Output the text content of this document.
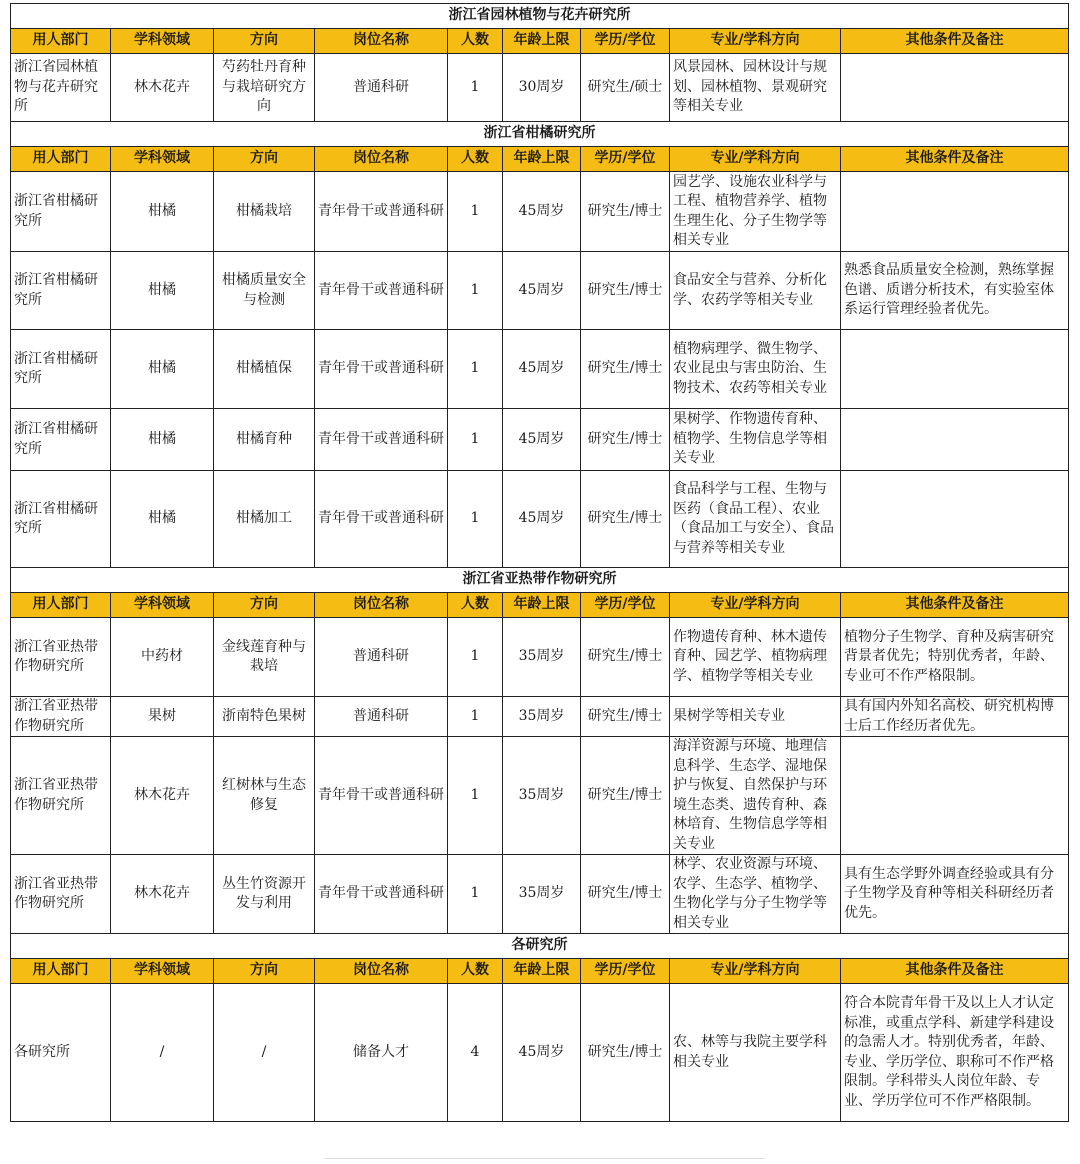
浙江省园林植物与花卉研究所								
用人部门	学科领域	方向	岗位名称	人数	年龄上限	学历/学位	专业/学科方向	其他条件及备注
浙江省园林植物与花卉研究所	林木花卉	芍药牡丹育种与栽培研究方向	普通科研	1	30周岁	研究生/硕士	风景园林、园林设计与规划、园林植物、景观研究等相关专业	
浙江省柑橘研究所								
用人部门	学科领域	方向	岗位名称	人数	年龄上限	学历/学位	专业/学科方向	其他条件及备注
浙江省柑橘研究所	柑橘	柑橘栽培	青年骨干或普通科研	1	45周岁	研究生/博士	园艺学、设施农业科学与工程、植物营养学、植物生理生化、分子生物学等相关专业	
浙江省柑橘研究所	柑橘	柑橘质量安全与检测	青年骨干或普通科研	1	45周岁	研究生/博士	食品安全与营养、分析化学、农药学等相关专业	熟悉食品质量安全检测，熟练掌握色谱、质谱分析技术，有实验室体系运行管理经验者优先。
浙江省柑橘研究所	柑橘	柑橘植保	青年骨干或普通科研	1	45周岁	研究生/博士	植物病理学、微生物学、农业昆虫与害虫防治、生物技术、农药等相关专业	
浙江省柑橘研究所	柑橘	柑橘育种	青年骨干或普通科研	1	45周岁	研究生/博士	果树学、作物遗传育种、植物学、生物信息学等相关专业	
浙江省柑橘研究所	柑橘	柑橘加工	青年骨干或普通科研	1	45周岁	研究生/博士	食品科学与工程、生物与医药（食品工程）、农业（食品加工与安全）、食品与营养等相关专业	
浙江省亚热带作物研究所								
用人部门	学科领域	方向	岗位名称	人数	年龄上限	学历/学位	专业/学科方向	其他条件及备注
浙江省亚热带作物研究所	中药材	金线莲育种与栽培	普通科研	1	35周岁	研究生/博士	作物遗传育种、林木遗传育种、园艺学、植物病理学、植物学等相关专业	植物分子生物学、育种及病害研究背景者优先；特别优秀者，年龄、专业可不作严格限制。
浙江省亚热带作物研究所	果树	浙南特色果树	普通科研	1	35周岁	研究生/博士	果树学等相关专业	具有国内外知名高校、研究机构博士后工作经历者优先。
浙江省亚热带作物研究所	林木花卉	红树林与生态修复	青年骨干或普通科研	1	35周岁	研究生/博士	海洋资源与环境、地理信息科学、生态学、湿地保护与恢复、自然保护与环境生态类、遗传育种、森林培育、生物信息学等相关专业	
浙江省亚热带作物研究所	林木花卉	丛生竹资源开发与利用	青年骨干或普通科研	1	35周岁	研究生/博士	林学、农业资源与环境、农学、生态学、植物学、生物化学与分子生物学等相关专业	具有生态学野外调查经验或具有分子生物学及育种等相关科研经历者优先。
各研究所								
用人部门	学科领域	方向	岗位名称	人数	年龄上限	学历/学位	专业/学科方向	其他条件及备注
各研究所	/	/	储备人才	4	45周岁	研究生/博士	农、林等与我院主要学科相关专业	符合本院青年骨干及以上人才认定标准，或重点学科、新建学科建设的急需人才。特别优秀者，年龄、专业、学历学位、职称可不作严格限制。学科带头人岗位年龄、专业、学历学位可不作严格限制。
